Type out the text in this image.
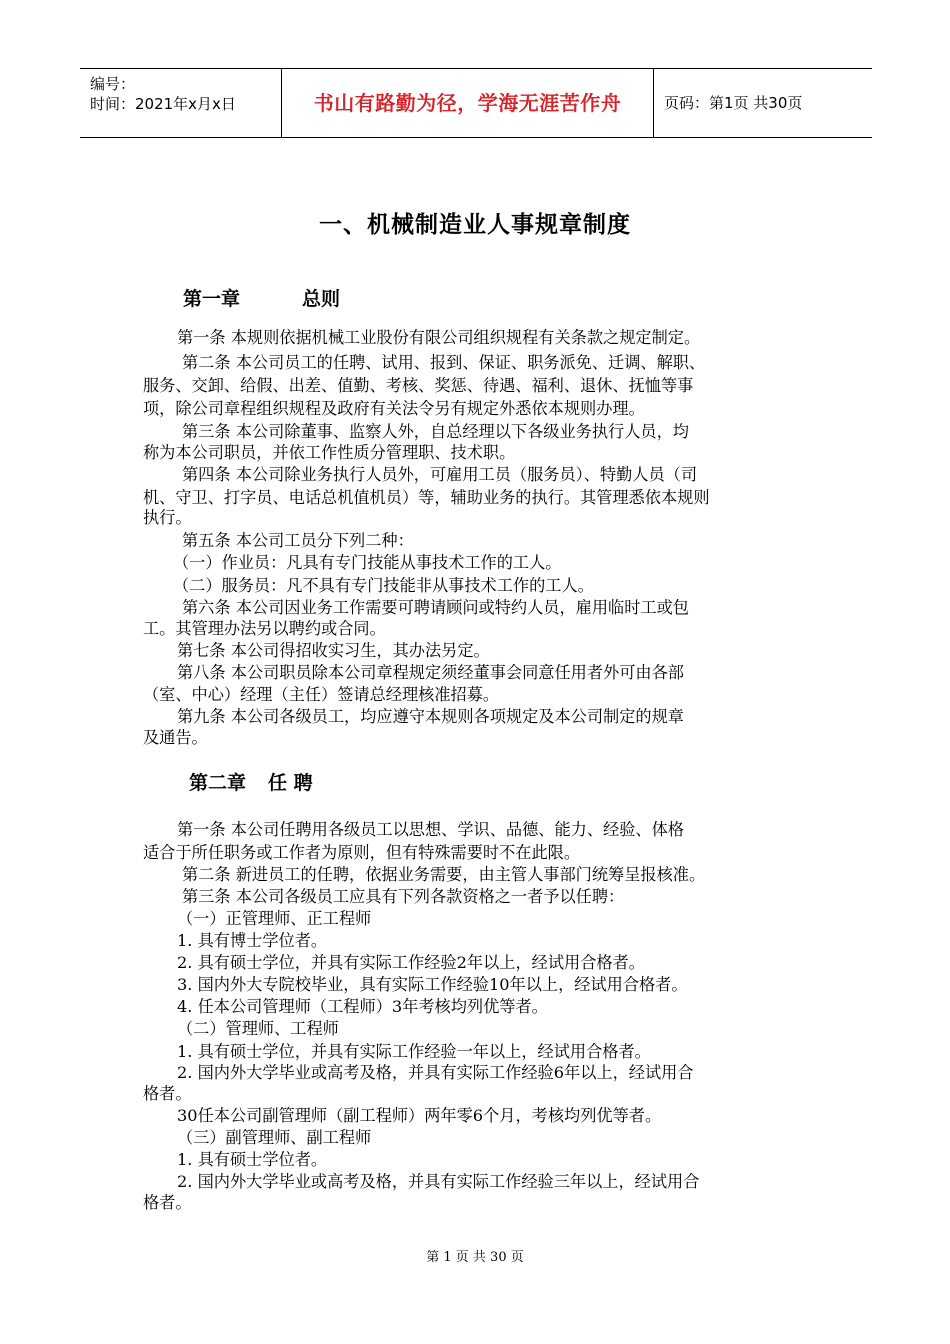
编号：
时间：2021年x月x日	书山有路勤为径，学海无涯苦作舟	页码：第1页 共30页
一、机械制造业人事规章制度
第一章	总则
第一条 本规则依据机械工业股份有限公司组织规程有关条款之规定制定。
第二条 本公司员工的任聘、试用、报到、保证、职务派免、迁调、解职、
服务、交卸、给假、出差、值勤、考核、奖惩、待遇、福利、退休、抚恤等事
项，除公司章程组织规程及政府有关法令另有规定外悉依本规则办理。
第三条 本公司除董事、监察人外，自总经理以下各级业务执行人员，均
称为本公司职员，并依工作性质分管理职、技术职。
第四条 本公司除业务执行人员外，可雇用工员（服务员）、特勤人员（司
机、守卫、打字员、电话总机值机员）等，辅助业务的执行。其管理悉依本规则
执行。
第五条 本公司工员分下列二种：
（一）作业员：凡具有专门技能从事技术工作的工人。
（二）服务员：凡不具有专门技能非从事技术工作的工人。
第六条 本公司因业务工作需要可聘请顾问或特约人员，雇用临时工或包
工。其管理办法另以聘约或合同。
第七条 本公司得招收实习生，其办法另定。
第八条 本公司职员除本公司章程规定须经董事会同意任用者外可由各部
（室、中心）经理（主任）签请总经理核准招募。
第九条 本公司各级员工，均应遵守本规则各项规定及本公司制定的规章
及通告。
第二章 任 聘
第一条 本公司任聘用各级员工以思想、学识、品德、能力、经验、体格
适合于所任职务或工作者为原则，但有特殊需要时不在此限。
第二条 新进员工的任聘，依据业务需要，由主管人事部门统筹呈报核准。
第三条 本公司各级员工应具有下列各款资格之一者予以任聘：
（一）正管理师、正工程师
1. 具有博士学位者。
2. 具有硕士学位，并具有实际工作经验2年以上，经试用合格者。
3. 国内外大专院校毕业，具有实际工作经验10年以上，经试用合格者。
4. 任本公司管理师（工程师）3年考核均列优等者。
（二）管理师、工程师
1. 具有硕士学位，并具有实际工作经验一年以上，经试用合格者。
2. 国内外大学毕业或高考及格，并具有实际工作经验6年以上，经试用合
格者。
30任本公司副管理师（副工程师）两年零6个月，考核均列优等者。
（三）副管理师、副工程师
1. 具有硕士学位者。
2. 国内外大学毕业或高考及格，并具有实际工作经验三年以上，经试用合
格者。
第 1 页 共 30 页
